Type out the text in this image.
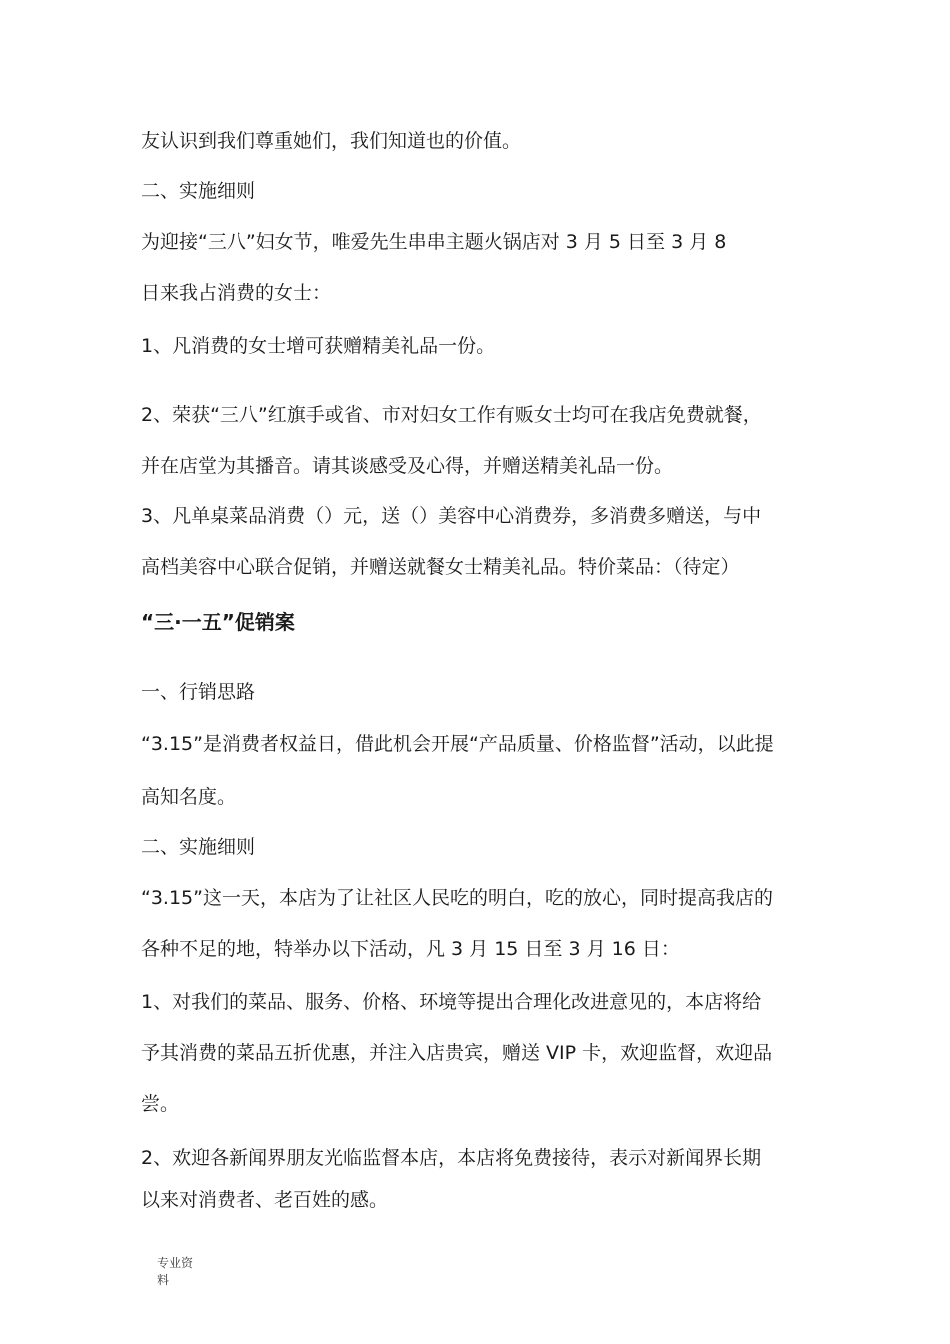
友认识到我们尊重她们，我们知道也的价值。

二、实施细则

为迎接“三八”妇女节，唯爱先生串串主题火锅店对 3 月 5 日至 3 月 8

日来我占消费的女士：

1、凡消费的女士增可获赠精美礼品一份。

2、荣获“三八”红旗手或省、市对妇女工作有贩女士均可在我店免费就餐，

并在店堂为其播音。请其谈感受及心得，并赠送精美礼品一份。

3、凡单桌菜品消费（）元，送（）美容中心消费券，多消费多赠送，与中

高档美容中心联合促销，并赠送就餐女士精美礼品。特价菜品：（待定）

“三·一五”促销案

一、行销思路

“3.15”是消费者权益日，借此机会开展“产品质量、价格监督”活动，以此提

高知名度。

二、实施细则

“3.15”这一天，本店为了让社区人民吃的明白，吃的放心，同时提高我店的

各种不足的地，特举办以下活动，凡 3 月 15 日至 3 月 16 日：

1、对我们的菜品、服务、价格、环境等提出合理化改进意见的，本店将给

予其消费的菜品五折优惠，并注入店贵宾，赠送 VIP 卡，欢迎监督，欢迎品

尝。

2、欢迎各新闻界朋友光临监督本店，本店将免费接待，表示对新闻界长期

以来对消费者、老百姓的感。

专业资
料
